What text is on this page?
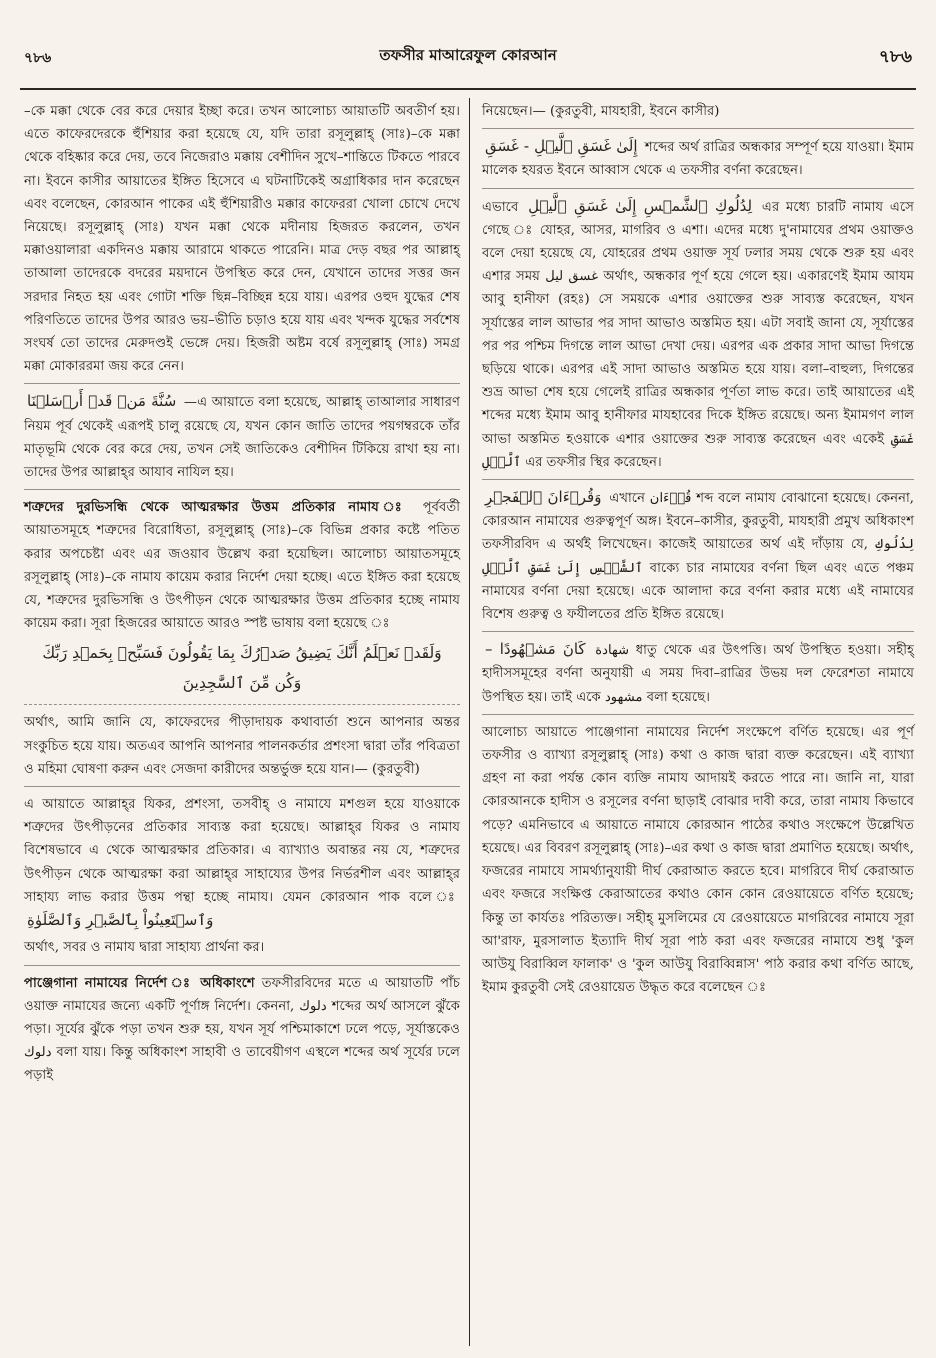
৭৮৬	তফসীর মাআরেফুল কোরআন	৭৮৬

–কে মক্কা থেকে বের করে দেয়ার ইচ্ছা করে। তখন আলোচ্য আয়াতটি অবতীর্ণ হয়। এতে কাফেরদেরকে হুঁশিয়ার করা হয়েছে যে, যদি তারা রসূলুল্লাহ্ (সাঃ)–কে মক্কা থেকে বহিষ্কার করে দেয়, তবে নিজেরাও মক্কায় বেশীদিন সুখে–শান্তিতে টিকতে পারবে না। ইবনে কাসীর আয়াতের ইঙ্গিত হিসেবে এ ঘটনাটিকেই অগ্রাধিকার দান করেছেন এবং বলেছেন, কোরআন পাকের এই হুঁশিয়ারীও মক্কার কাফেররা খোলা চোখে দেখে নিয়েছে। রসূলুল্লাহ্ (সাঃ) যখন মক্কা থেকে মদীনায় হিজরত করলেন, তখন মক্কাওয়ালারা একদিনও মক্কায় আরামে থাকতে পারেনি। মাত্র দেড় বছর পর আল্লাহ্ তাআলা তাদেরকে বদরের ময়দানে উপস্থিত করে দেন, যেখানে তাদের সত্তর জন সরদার নিহত হয় এবং গোটা শক্তি ছিন্ন–বিচ্ছিন্ন হয়ে যায়। এরপর ওহুদ যুদ্ধের শেষ পরিণতিতে তাদের উপর আরও ভয়–ভীতি চড়াও হয়ে যায় এবং খন্দক যুদ্ধের সর্বশেষ সংঘর্ষ তো তাদের মেরুদণ্ডই ভেঙ্গে দেয়। হিজরী অষ্টম বর্ষে রসূলুল্লাহ্ (সাঃ) সমগ্র মক্কা মোকাররমা জয় করে নেন।

سُنَّةَ مَنۡ قَدۡ أَرۡسَلۡنَا —এ আয়াতে বলা হয়েছে, আল্লাহ্ তাআলার সাধারণ নিয়ম পূর্ব থেকেই এরূপই চালু রয়েছে যে, যখন কোন জাতি তাদের পয়গম্বরকে তাঁর মাতৃভূমি থেকে বের করে দেয়, তখন সেই জাতিকেও বেশীদিন টিকিয়ে রাখা হয় না। তাদের উপর আল্লাহ্‌র আযাব নাযিল হয়।

শত্রুদের দুরভিসন্ধি থেকে আত্মরক্ষার উত্তম প্রতিকার নামায ঃ পূর্ববর্তী আয়াতসমূহে শত্রুদের বিরোধিতা, রসূলুল্লাহ্ (সাঃ)–কে বিভিন্ন প্রকার কষ্টে পতিত করার অপচেষ্টা এবং এর জওয়াব উল্লেখ করা হয়েছিল। আলোচ্য আয়াতসমূহে রসূলুল্লাহ্ (সাঃ)–কে নামায কায়েম করার নির্দেশ দেয়া হচ্ছে। এতে ইঙ্গিত করা হয়েছে যে, শত্রুদের দুরভিসন্ধি ও উৎপীড়ন থেকে আত্মরক্ষার উত্তম প্রতিকার হচ্ছে নামায কায়েম করা। সূরা হিজরের আয়াতে আরও স্পষ্ট ভাষায় বলা হয়েছে ঃ

وَلَقَدۡ نَعۡلَمُ أَنَّكَ يَضِيقُ صَدۡرُكَ بِمَا يَقُولُونَ فَسَبِّحۡ بِحَمۡدِ رَبِّكَ
وَكُن مِّنَ ٱلسَّٰجِدِينَ

অর্থাৎ, আমি জানি যে, কাফেরদের পীড়াদায়ক কথাবার্তা শুনে আপনার অন্তর সংকুচিত হয়ে যায়। অতএব আপনি আপনার পালনকর্তার প্রশংসা দ্বারা তাঁর পবিত্রতা ও মহিমা ঘোষণা করুন এবং সেজদা কারীদের অন্তর্ভুক্ত হয়ে যান।— (কুরতুবী)

এ আয়াতে আল্লাহ্‌র যিকর, প্রশংসা, তসবীহ্ ও নামাযে মশগুল হয়ে যাওয়াকে শত্রুদের উৎপীড়নের প্রতিকার সাব্যস্ত করা হয়েছে। আল্লাহ্‌র যিকর ও নামায বিশেষভাবে এ থেকে আত্মরক্ষার প্রতিকার। এ ব্যাখ্যাও অবান্তর নয় যে, শত্রুদের উৎপীড়ন থেকে আত্মরক্ষা করা আল্লাহ্‌র সাহায্যের উপর নির্ভরশীল এবং আল্লাহ্‌র সাহায্য লাভ করার উত্তম পন্থা হচ্ছে নামায। যেমন কোরআন পাক বলে ঃ وَٱسۡتَعِينُواْ بِٱلصَّبۡرِ وَٱلصَّلَوٰةِ

অর্থাৎ, সবর ও নামায দ্বারা সাহায্য প্রার্থনা কর।

পাঞ্জেগানা নামাযের নির্দেশ ঃ অধিকাংশে তফসীরবিদের মতে এ আয়াতটি পাঁচ ওয়াক্ত নামাযের জন্যে একটি পূর্ণাঙ্গ নির্দেশ। কেননা, دلوك শব্দের অর্থ আসলে ঝুঁকে পড়া। সূর্যের ঝুঁকে পড়া তখন শুরু হয়, যখন সূর্য পশ্চিমাকাশে ঢলে পড়ে, সূর্যাস্তকেও دلوك বলা যায়। কিন্তু অধিকাংশ সাহাবী ও তাবেয়ীগণ এস্থলে শব্দের অর্থ সূর্যের ঢলে পড়াই

নিয়েছেন।— (কুরতুবী, মাযহারী, ইবনে কাসীর)

إِلَىٰ غَسَقِ ٱلَّيۡلِ - غَسَقِ শব্দের অর্থ রাত্রির অন্ধকার সম্পূর্ণ হয়ে যাওয়া। ইমাম মালেক হযরত ইবনে আব্বাস থেকে এ তফসীর বর্ণনা করেছেন।

এভাবে لِدُلُوكِ ٱلشَّمۡسِ إِلَىٰ غَسَقِ ٱلَّيۡلِ এর মধ্যে চারটি নামায এসে গেছে ঃ যোহর, আসর, মাগরিব ও এশা। এদের মধ্যে দু'নামাযের প্রথম ওয়াক্তও বলে দেয়া হয়েছে যে, যোহরের প্রথম ওয়াক্ত সূর্য ঢলার সময় থেকে শুরু হয় এবং এশার সময় غسق ليل অর্থাৎ, অন্ধকার পূর্ণ হয়ে গেলে হয়। একারণেই ইমাম আযম আবু হানীফা (রহঃ) সে সময়কে এশার ওয়াক্তের শুরু সাব্যস্ত করেছেন, যখন সূর্যাস্তের লাল আভার পর সাদা আভাও অস্তমিত হয়। এটা সবাই জানা যে, সূর্যাস্তের পর পর পশ্চিম দিগন্তে লাল আভা দেখা দেয়। এরপর এক প্রকার সাদা আভা দিগন্তে ছড়িয়ে থাকে। এরপর এই সাদা আভাও অস্তমিত হয়ে যায়। বলা–বাহুল্য, দিগন্তের শুভ্র আভা শেষ হয়ে গেলেই রাত্রির অন্ধকার পূর্ণতা লাভ করে। তাই আয়াতের এই শব্দের মধ্যে ইমাম আবু হানীফার মাযহাবের দিকে ইঙ্গিত রয়েছে। অন্য ইমামগণ লাল আভা অস্তমিত হওয়াকে এশার ওয়াক্তের শুরু সাব্যস্ত করেছেন এবং একেই غَسَقِ ٱلَّيۡلِ এর তফসীর স্থির করেছেন।

وَقُرۡءَانَ ٱلۡفَجۡرِ এখানে قُرۡءَان শব্দ বলে নামায বোঝানো হয়েছে। কেননা, কোরআন নামাযের গুরুত্বপূর্ণ অঙ্গ। ইবনে–কাসীর, কুরতুবী, মাযহারী প্রমুখ অধিকাংশ তফসীরবিদ এ অর্থই লিখেছেন। কাজেই আয়াতের অর্থ এই দাঁড়ায় যে, لِدُلُوكِ ٱلشَّمۡسِ إِلَىٰ غَسَقِ ٱلَّيۡلِ বাক্যে চার নামাযের বর্ণনা ছিল এবং এতে পঞ্চম নামাযের বর্ণনা দেয়া হয়েছে। একে আলাদা করে বর্ণনা করার মধ্যে এই নামাযের বিশেষ গুরুত্ব ও ফযীলতের প্রতি ইঙ্গিত রয়েছে।

كَانَ مَشۡهُودًا – شهادة ধাতু থেকে এর উৎপত্তি। অর্থ উপস্থিত হওয়া। সহীহ্ হাদীসসমূহের বর্ণনা অনুযায়ী এ সময় দিবা–রাত্রির উভয় দল ফেরেশতা নামাযে উপস্থিত হয়। তাই একে مشهود বলা হয়েছে।

আলোচ্য আয়াতে পাঞ্জেগানা নামাযের নির্দেশ সংক্ষেপে বর্ণিত হয়েছে। এর পূর্ণ তফসীর ও ব্যাখ্যা রসূলুল্লাহ্ (সাঃ) কথা ও কাজ দ্বারা ব্যক্ত করেছেন। এই ব্যাখ্যা গ্রহণ না করা পর্যন্ত কোন ব্যক্তি নামায আদায়ই করতে পারে না। জানি না, যারা কোরআনকে হাদীস ও রসূলের বর্ণনা ছাড়াই বোঝার দাবী করে, তারা নামায কিভাবে পড়ে? এমনিভাবে এ আয়াতে নামাযে কোরআন পাঠের কথাও সংক্ষেপে উল্লেখিত হয়েছে। এর বিবরণ রসূলুল্লাহ্ (সাঃ)–এর কথা ও কাজ দ্বারা প্রমাণিত হয়েছে। অর্থাৎ, ফজরের নামাযে সামর্থ্যানুযায়ী দীর্ঘ কেরাআত করতে হবে। মাগরিবে দীর্ঘ কেরাআত এবং ফজরে সংক্ষিপ্ত কেরাআতের কথাও কোন কোন রেওয়ায়েতে বর্ণিত হয়েছে; কিন্তু তা কার্যতঃ পরিত্যক্ত। সহীহ্ মুসলিমের যে রেওয়ায়েতে মাগরিবের নামাযে সূরা আ'রাফ, মুরসালাত ইত্যাদি দীর্ঘ সূরা পাঠ করা এবং ফজরের নামাযে শুধু 'কুল আউযু বিরাব্বিল ফালাক' ও 'কুল আউযু বিরাব্বিন্নাস' পাঠ করার কথা বর্ণিত আছে, ইমাম কুরতুবী সেই রেওয়ায়েত উদ্ধৃত করে বলেছেন ঃ
